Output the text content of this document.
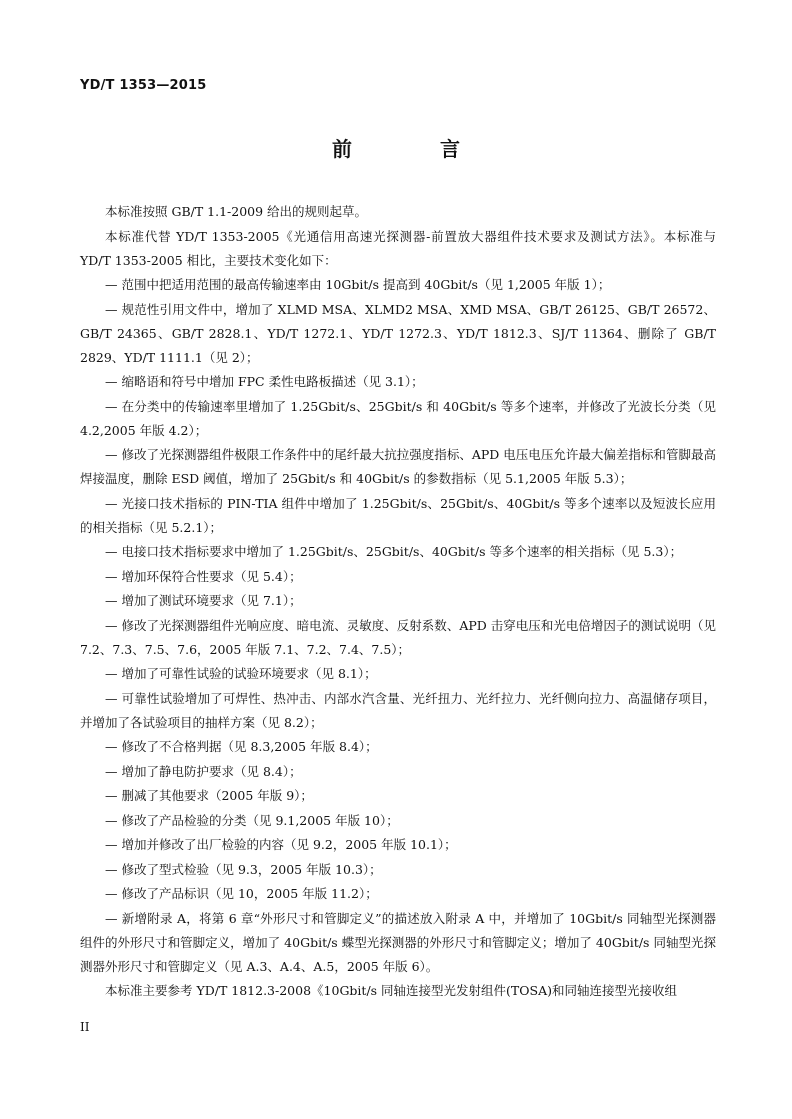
YD/T 1353—2015
前　言

本标准按照 GB/T 1.1-2009 给出的规则起草。

本标准代替 YD/T 1353-2005《光通信用高速光探测器-前置放大器组件技术要求及测试方法》。本标准与 YD/T 1353-2005 相比，主要技术变化如下：

— 范围中把适用范围的最高传输速率由 10Gbit/s 提高到 40Gbit/s（见 1,2005 年版 1）；

— 规范性引用文件中，增加了 XLMD MSA、XLMD2 MSA、XMD MSA、GB/T 26125、GB/T 26572、GB/T 24365、GB/T 2828.1、YD/T 1272.1、YD/T 1272.3、YD/T 1812.3、SJ/T 11364、删除了 GB/T 2829、YD/T 1111.1（见 2）；

— 缩略语和符号中增加 FPC 柔性电路板描述（见 3.1）；

— 在分类中的传输速率里增加了 1.25Gbit/s、25Gbit/s 和 40Gbit/s 等多个速率，并修改了光波长分类（见 4.2,2005 年版 4.2）；

— 修改了光探测器组件极限工作条件中的尾纤最大抗拉强度指标、APD 电压电压允许最大偏差指标和管脚最高焊接温度，删除 ESD 阈值，增加了 25Gbit/s 和 40Gbit/s 的参数指标（见 5.1,2005 年版 5.3）；

— 光接口技术指标的 PIN-TIA 组件中增加了 1.25Gbit/s、25Gbit/s、40Gbit/s 等多个速率以及短波长应用的相关指标（见 5.2.1）；

— 电接口技术指标要求中增加了 1.25Gbit/s、25Gbit/s、40Gbit/s 等多个速率的相关指标（见 5.3）；

— 增加环保符合性要求（见 5.4）；

— 增加了测试环境要求（见 7.1）；

— 修改了光探测器组件光响应度、暗电流、灵敏度、反射系数、APD 击穿电压和光电倍增因子的测试说明（见 7.2、7.3、7.5、7.6，2005 年版 7.1、7.2、7.4、7.5）；

— 增加了可靠性试验的试验环境要求（见 8.1）；

— 可靠性试验增加了可焊性、热冲击、内部水汽含量、光纤扭力、光纤拉力、光纤侧向拉力、高温储存项目，并增加了各试验项目的抽样方案（见 8.2）；

— 修改了不合格判据（见 8.3,2005 年版 8.4）；

— 增加了静电防护要求（见 8.4）；

— 删减了其他要求（2005 年版 9）；

— 修改了产品检验的分类（见 9.1,2005 年版 10）；

— 增加并修改了出厂检验的内容（见 9.2，2005 年版 10.1）；

— 修改了型式检验（见 9.3，2005 年版 10.3）；

— 修改了产品标识（见 10，2005 年版 11.2）；

— 新增附录 A，将第 6 章“外形尺寸和管脚定义”的描述放入附录 A 中，并增加了 10Gbit/s 同轴型光探测器组件的外形尺寸和管脚定义，增加了 40Gbit/s 蝶型光探测器的外形尺寸和管脚定义；增加了 40Gbit/s 同轴型光探测器外形尺寸和管脚定义（见 A.3、A.4、A.5，2005 年版 6）。

本标准主要参考 YD/T 1812.3-2008《10Gbit/s 同轴连接型光发射组件(TOSA)和同轴连接型光接收组

II
